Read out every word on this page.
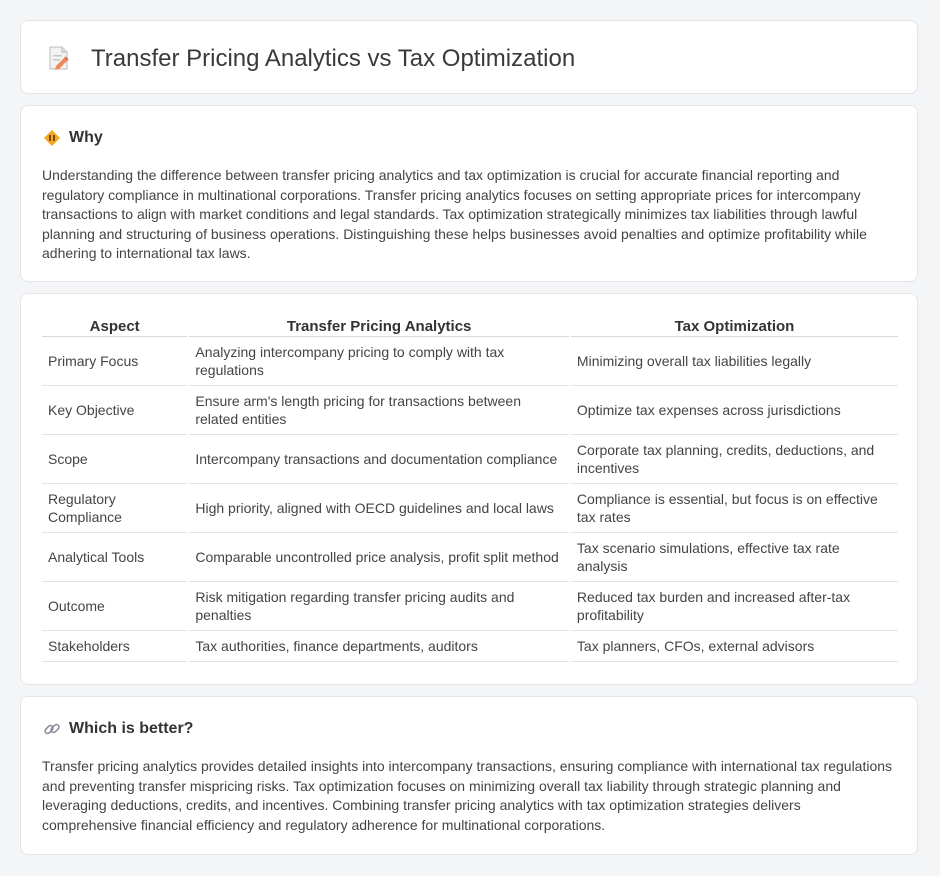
Transfer Pricing Analytics vs Tax Optimization
Why

Understanding the difference between transfer pricing analytics and tax optimization is crucial for accurate financial reporting and regulatory compliance in multinational corporations. Transfer pricing analytics focuses on setting appropriate prices for intercompany transactions to align with market conditions and legal standards. Tax optimization strategically minimizes tax liabilities through lawful planning and structuring of business operations. Distinguishing these helps businesses avoid penalties and optimize profitability while adhering to international tax laws.

Aspect	Transfer Pricing Analytics	Tax Optimization
Primary Focus	Analyzing intercompany pricing to comply with tax regulations	Minimizing overall tax liabilities legally
Key Objective	Ensure arm's length pricing for transactions between related entities	Optimize tax expenses across jurisdictions
Scope	Intercompany transactions and documentation compliance	Corporate tax planning, credits, deductions, and incentives
Regulatory Compliance	High priority, aligned with OECD guidelines and local laws	Compliance is essential, but focus is on effective tax rates
Analytical Tools	Comparable uncontrolled price analysis, profit split method	Tax scenario simulations, effective tax rate analysis
Outcome	Risk mitigation regarding transfer pricing audits and penalties	Reduced tax burden and increased after-tax profitability
Stakeholders	Tax authorities, finance departments, auditors	Tax planners, CFOs, external advisors
Which is better?

Transfer pricing analytics provides detailed insights into intercompany transactions, ensuring compliance with international tax regulations and preventing transfer mispricing risks. Tax optimization focuses on minimizing overall tax liability through strategic planning and leveraging deductions, credits, and incentives. Combining transfer pricing analytics with tax optimization strategies delivers comprehensive financial efficiency and regulatory adherence for multinational corporations.
